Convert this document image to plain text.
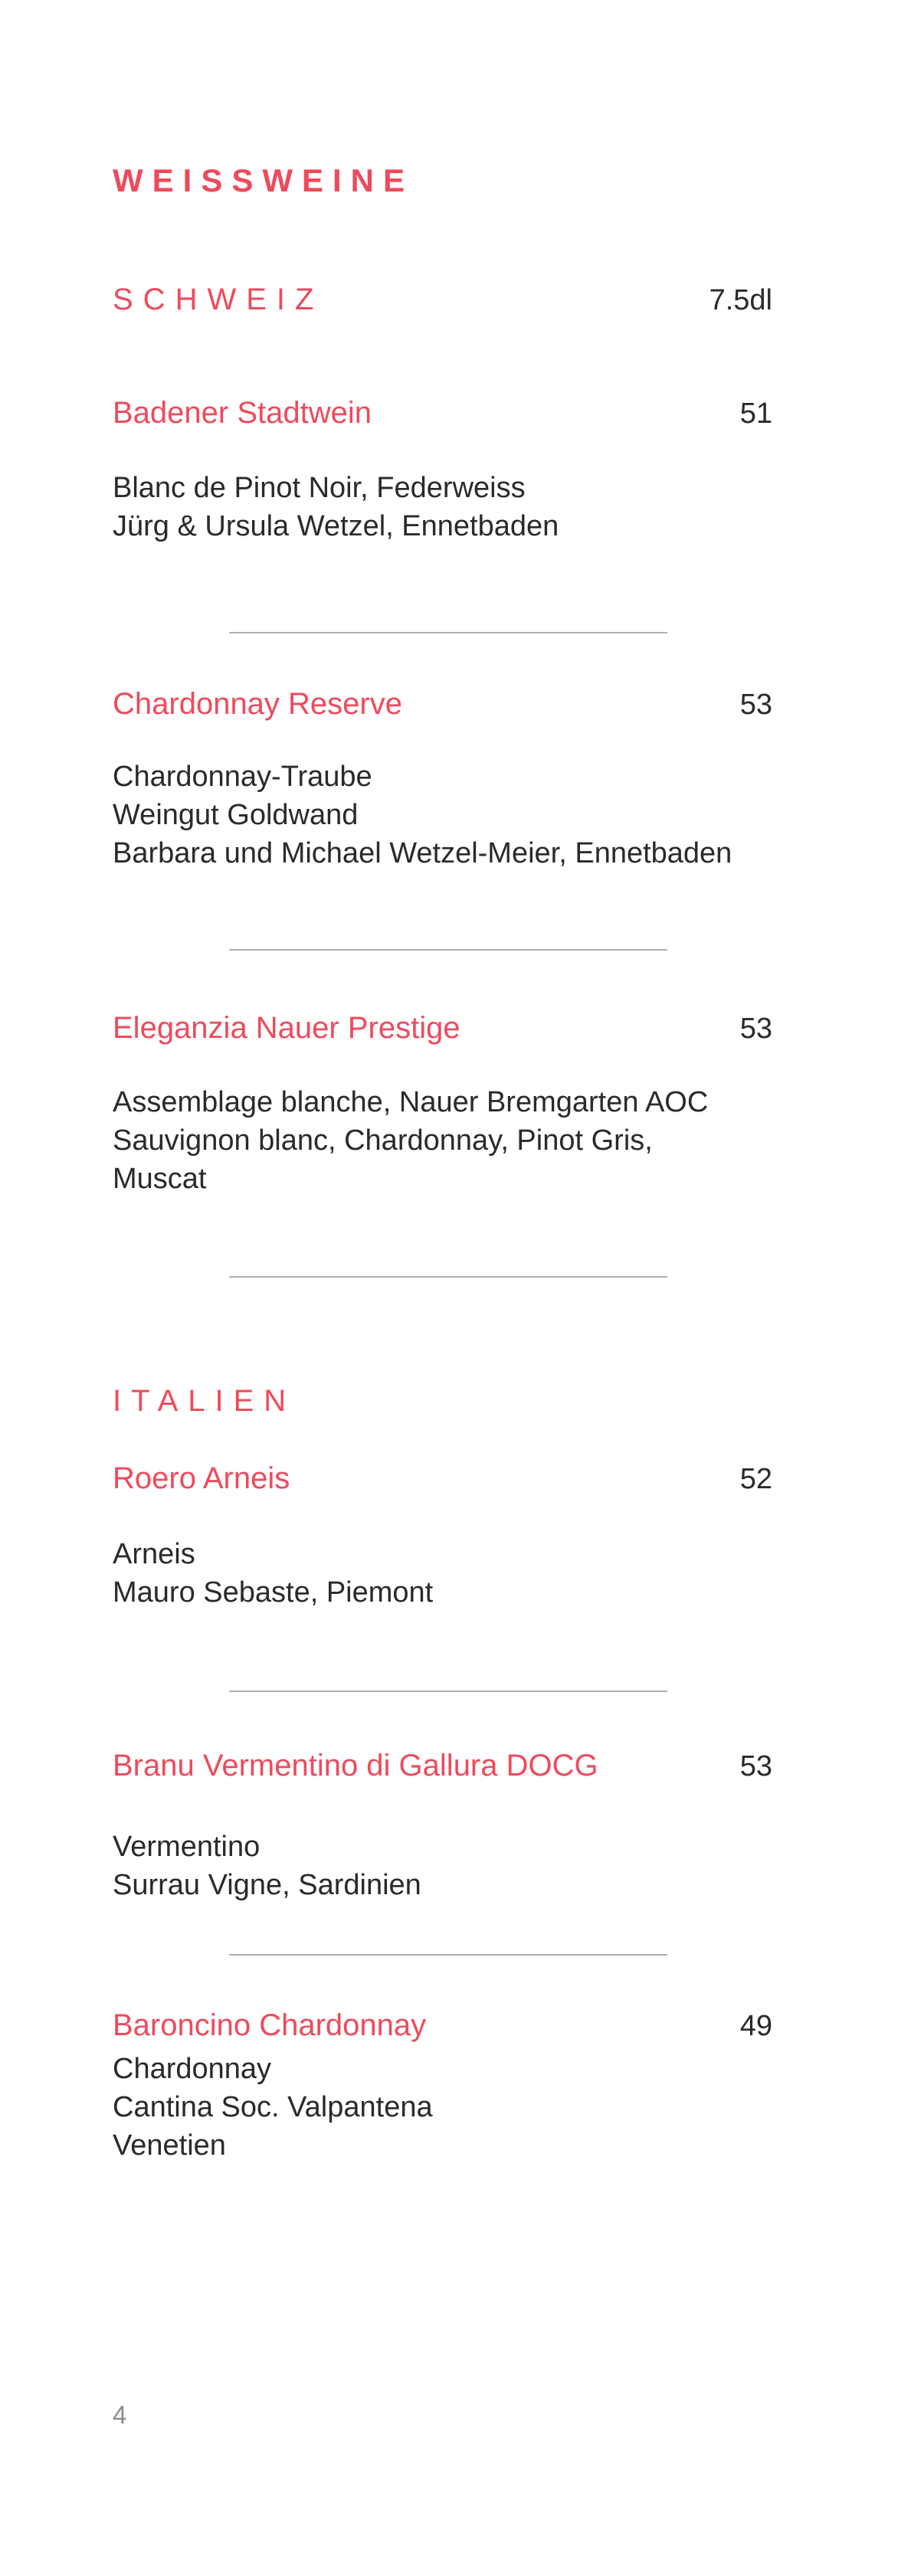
WEISSWEINE
SCHWEIZ	7.5dl
Badener Stadtwein	51
Blanc de Pinot Noir, Federweiss
Jürg & Ursula Wetzel, Ennetbaden
Chardonnay Reserve	53
Chardonnay-Traube
Weingut Goldwand
Barbara und Michael Wetzel-Meier, Ennetbaden
Eleganzia Nauer Prestige	53
Assemblage blanche, Nauer Bremgarten AOC
Sauvignon blanc, Chardonnay, Pinot Gris,
Muscat
ITALIEN
Roero Arneis	52
Arneis
Mauro Sebaste, Piemont
Branu Vermentino di Gallura DOCG	53
Vermentino
Surrau Vigne, Sardinien
Baroncino Chardonnay	49
Chardonnay
Cantina Soc. Valpantena
Venetien
4
